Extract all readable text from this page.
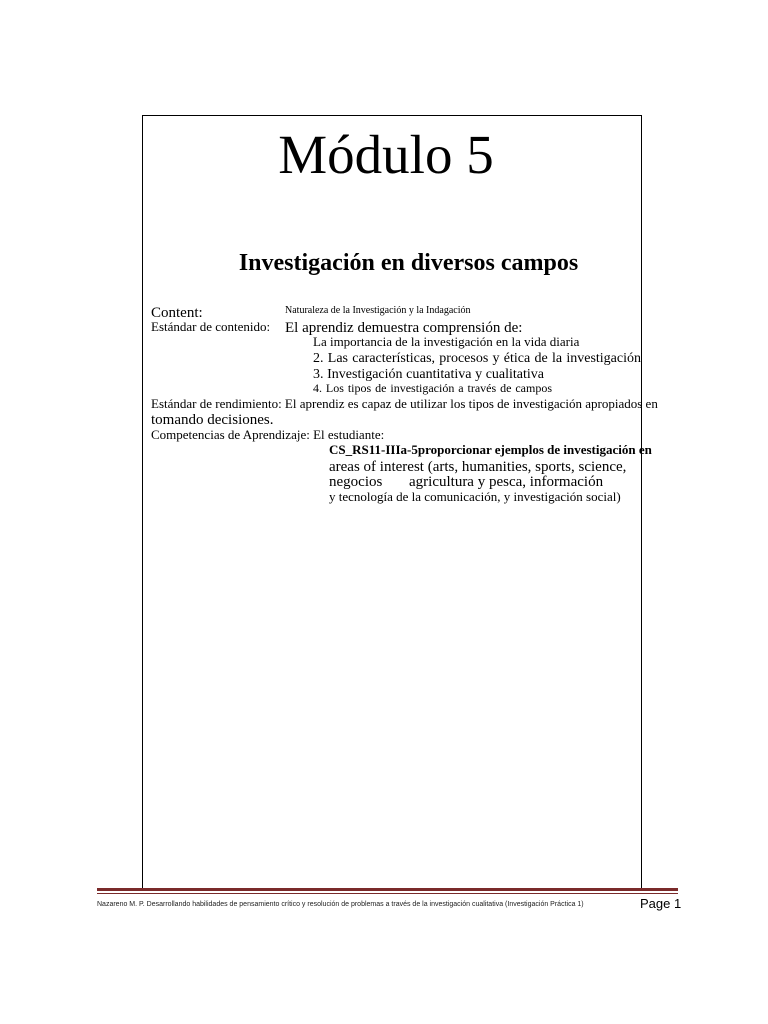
Módulo 5
Investigación en diversos campos
Content:	Naturaleza de la Investigación y la Indagación
Estándar de contenido: El aprendiz demuestra comprensión de:
La importancia de la investigación en la vida diaria
2. Las características, procesos y ética de la investigación
3. Investigación cuantitativa y cualitativa
4. Los tipos de investigación a través de campos
Estándar de rendimiento: El aprendiz es capaz de utilizar los tipos de investigación apropiados en
tomando decisiones.
Competencias de Aprendizaje: El estudiante:
CS_RS11-IIIa-5proporcionar ejemplos de investigación en
areas of interest (arts, humanities, sports, science,
negocios agricultura y pesca, información
y tecnología de la comunicación, y investigación social)
Nazareno M. P. Desarrollando habilidades de pensamiento crítico y resolución de problemas a través de la investigación cualitativa (Investigación Práctica 1)	Page 1
